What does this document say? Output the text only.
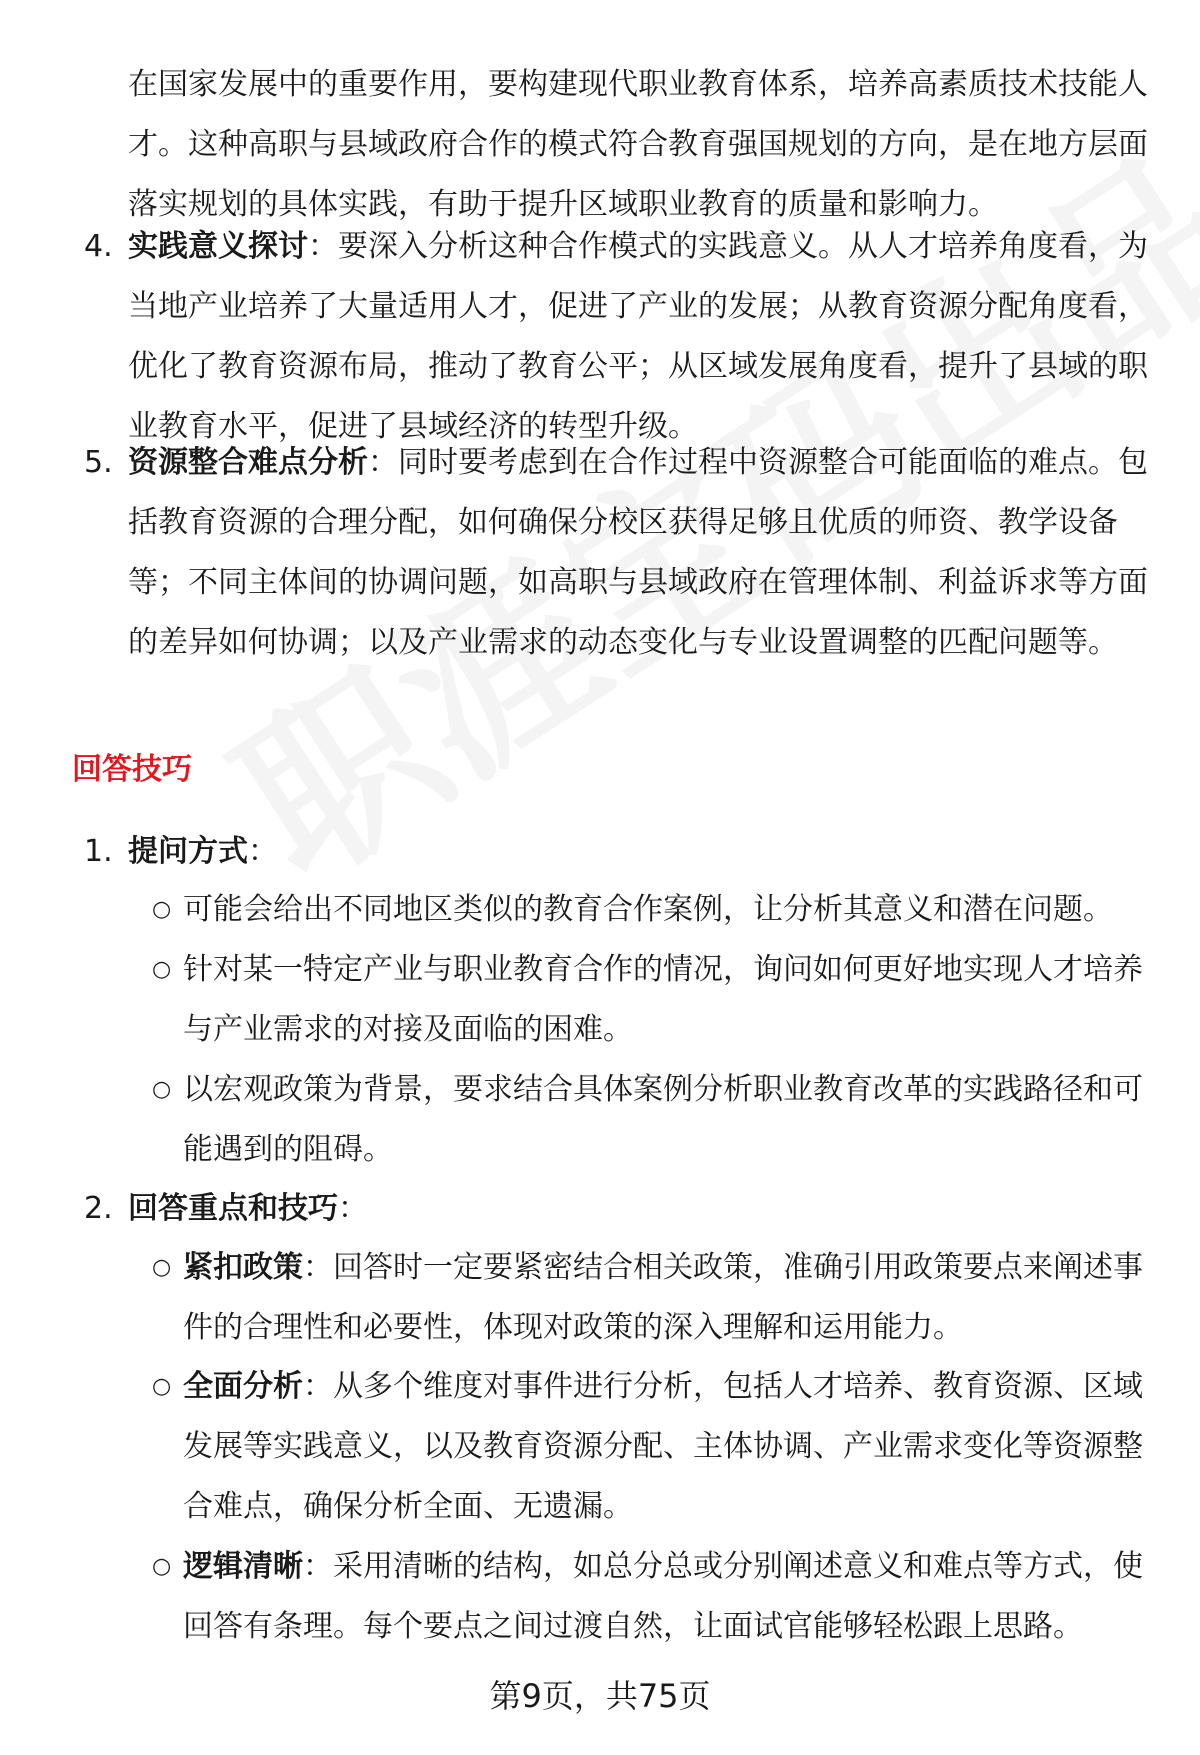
在国家发展中的重要作用，要构建现代职业教育体系，培养高素质技术技能人才。这种高职与县域政府合作的模式符合教育强国规划的方向，是在地方层面落实规划的具体实践，有助于提升区域职业教育的质量和影响力。

4. 实践意义探讨：要深入分析这种合作模式的实践意义。从人才培养角度看，为当地产业培养了大量适用人才，促进了产业的发展；从教育资源分配角度看，优化了教育资源布局，推动了教育公平；从区域发展角度看，提升了县域的职业教育水平，促进了县域经济的转型升级。

5. 资源整合难点分析：同时要考虑到在合作过程中资源整合可能面临的难点。包括教育资源的合理分配，如何确保分校区获得足够且优质的师资、教学设备等；不同主体间的协调问题，如高职与县域政府在管理体制、利益诉求等方面的差异如何协调；以及产业需求的动态变化与专业设置调整的匹配问题等。

回答技巧
1. 提问方式：

○ 可能会给出不同地区类似的教育合作案例，让分析其意义和潜在问题。

○ 针对某一特定产业与职业教育合作的情况，询问如何更好地实现人才培养与产业需求的对接及面临的困难。

○ 以宏观政策为背景，要求结合具体案例分析职业教育改革的实践路径和可能遇到的阻碍。

2. 回答重点和技巧：

○ 紧扣政策：回答时一定要紧密结合相关政策，准确引用政策要点来阐述事件的合理性和必要性，体现对政策的深入理解和运用能力。

○ 全面分析：从多个维度对事件进行分析，包括人才培养、教育资源、区域发展等实践意义，以及教育资源分配、主体协调、产业需求变化等资源整合难点，确保分析全面、无遗漏。

○ 逻辑清晰：采用清晰的结构，如总分总或分别阐述意义和难点等方式，使回答有条理。每个要点之间过渡自然，让面试官能够轻松跟上思路。

第9页，共75页
